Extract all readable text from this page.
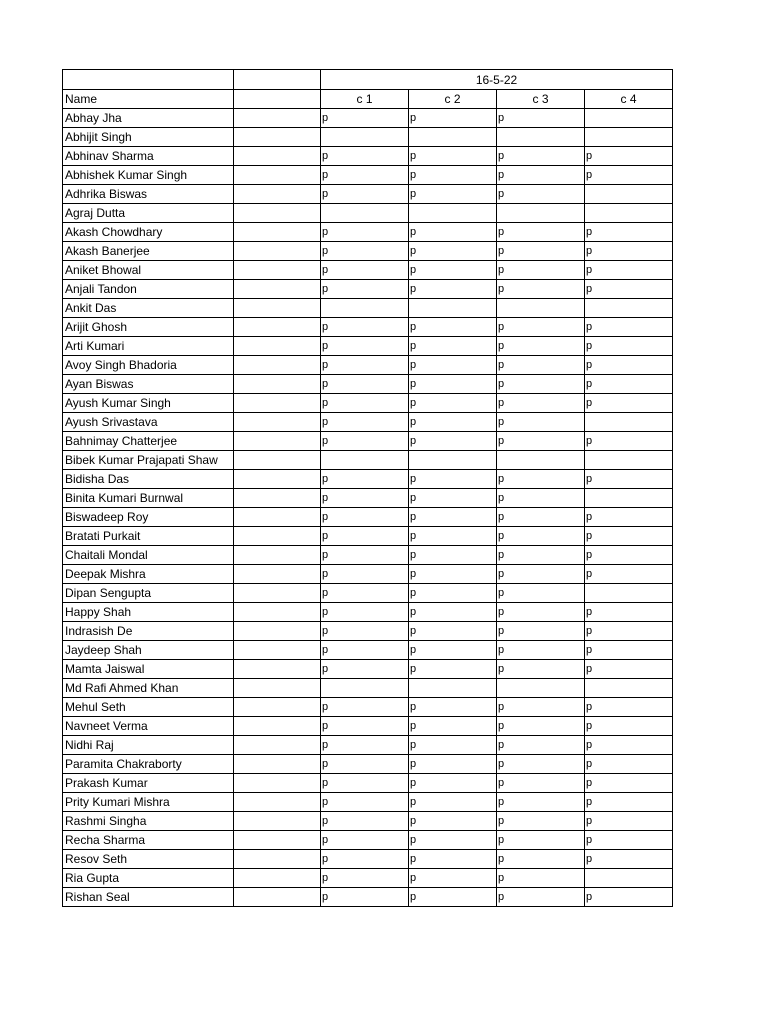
		16-5-22			
Name		c 1	c 2	c 3	c 4
Abhay Jha		p	p	p	
Abhijit Singh					
Abhinav Sharma		p	p	p	p
Abhishek Kumar Singh		p	p	p	p
Adhrika Biswas		p	p	p	
Agraj Dutta					
Akash Chowdhary		p	p	p	p
Akash Banerjee		p	p	p	p
Aniket Bhowal		p	p	p	p
Anjali Tandon		p	p	p	p
Ankit Das					
Arijit Ghosh		p	p	p	p
Arti Kumari		p	p	p	p
Avoy Singh Bhadoria		p	p	p	p
Ayan Biswas		p	p	p	p
Ayush Kumar Singh		p	p	p	p
Ayush Srivastava		p	p	p	
Bahnimay Chatterjee		p	p	p	p
Bibek Kumar Prajapati Shaw					
Bidisha Das		p	p	p	p
Binita Kumari Burnwal		p	p	p	
Biswadeep Roy		p	p	p	p
Bratati Purkait		p	p	p	p
Chaitali Mondal		p	p	p	p
Deepak Mishra		p	p	p	p
Dipan Sengupta		p	p	p	
Happy Shah		p	p	p	p
Indrasish De		p	p	p	p
Jaydeep Shah		p	p	p	p
Mamta Jaiswal		p	p	p	p
Md Rafi Ahmed Khan					
Mehul Seth		p	p	p	p
Navneet Verma		p	p	p	p
Nidhi Raj		p	p	p	p
Paramita Chakraborty		p	p	p	p
Prakash Kumar		p	p	p	p
Prity Kumari Mishra		p	p	p	p
Rashmi Singha		p	p	p	p
Recha Sharma		p	p	p	p
Resov Seth		p	p	p	p
Ria Gupta		p	p	p	
Rishan Seal		p	p	p	p
